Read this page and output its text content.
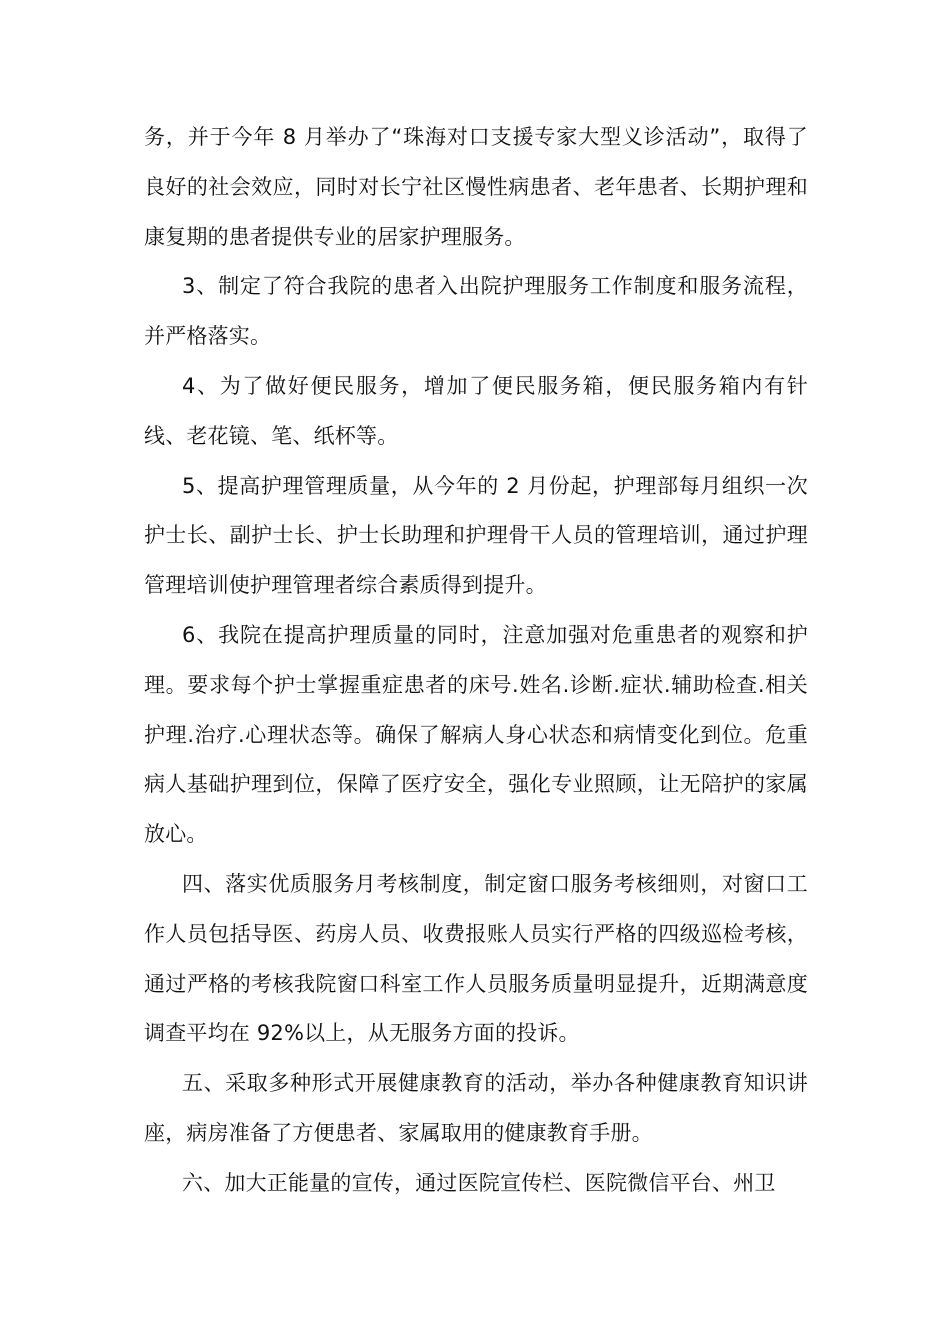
务，并于今年 8 月举办了“珠海对口支援专家大型义诊活动”，取得了良好的社会效应，同时对长宁社区慢性病患者、老年患者、长期护理和康复期的患者提供专业的居家护理服务。

3、制定了符合我院的患者入出院护理服务工作制度和服务流程，并严格落实。

4、为了做好便民服务，增加了便民服务箱，便民服务箱内有针线、老花镜、笔、纸杯等。

5、提高护理管理质量，从今年的 2 月份起，护理部每月组织一次护士长、副护士长、护士长助理和护理骨干人员的管理培训，通过护理管理培训使护理管理者综合素质得到提升。

6、我院在提高护理质量的同时，注意加强对危重患者的观察和护理。要求每个护士掌握重症患者的床号.姓名.诊断.症状.辅助检查.相关护理.治疗.心理状态等。确保了解病人身心状态和病情变化到位。危重病人基础护理到位，保障了医疗安全，强化专业照顾，让无陪护的家属放心。

四、落实优质服务月考核制度，制定窗口服务考核细则，对窗口工作人员包括导医、药房人员、收费报账人员实行严格的四级巡检考核，通过严格的考核我院窗口科室工作人员服务质量明显提升，近期满意度调查平均在 92%以上，从无服务方面的投诉。

五、采取多种形式开展健康教育的活动，举办各种健康教育知识讲座，病房准备了方便患者、家属取用的健康教育手册。

六、加大正能量的宣传，通过医院宣传栏、医院微信平台、州卫
